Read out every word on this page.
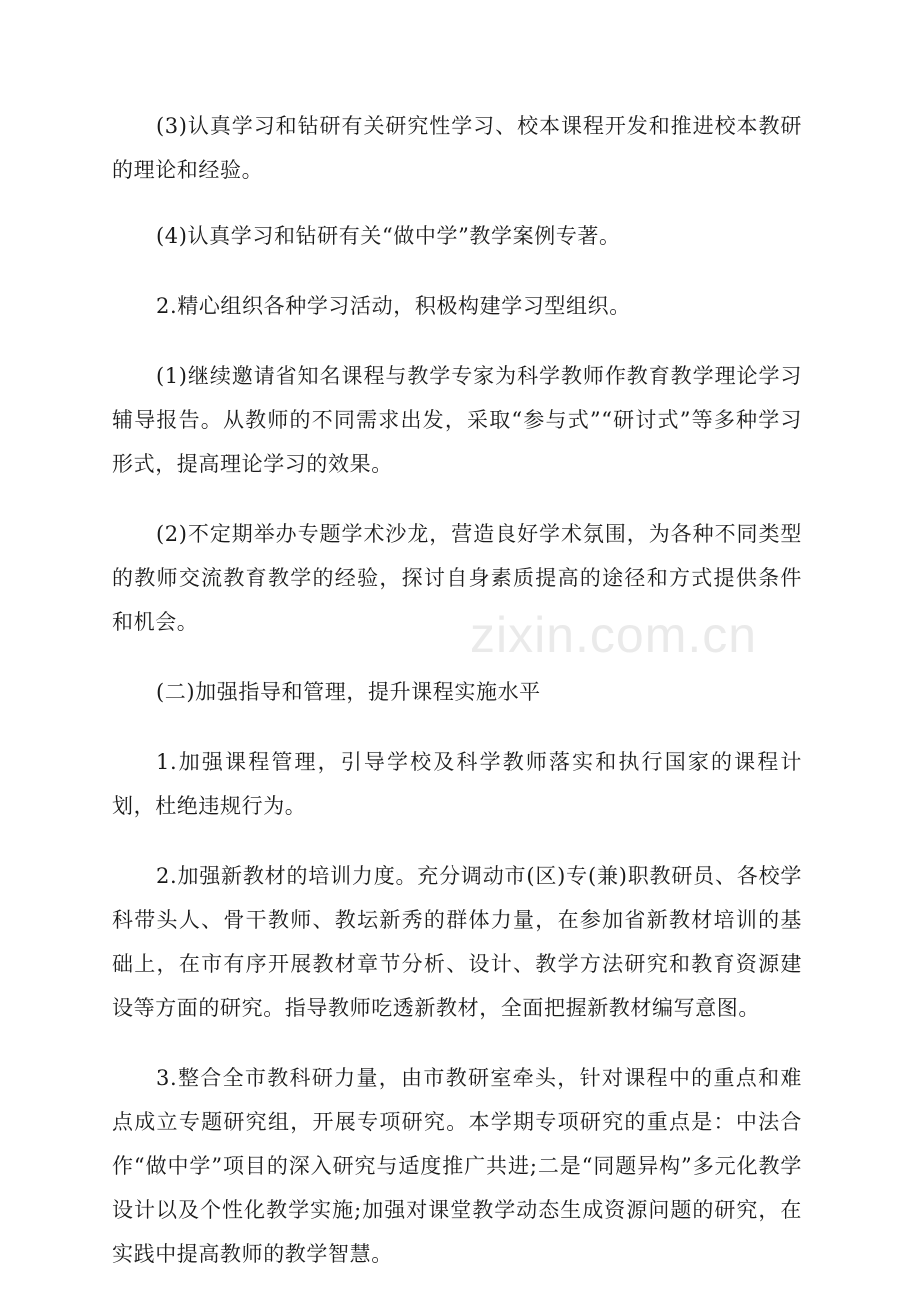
(3)认真学习和钻研有关研究性学习、校本课程开发和推进校本教研的理论和经验。

(4)认真学习和钻研有关“做中学”教学案例专著。

2.精心组织各种学习活动，积极构建学习型组织。

(1)继续邀请省知名课程与教学专家为科学教师作教育教学理论学习辅导报告。从教师的不同需求出发，采取“参与式”“研讨式”等多种学习形式，提高理论学习的效果。

(2)不定期举办专题学术沙龙，营造良好学术氛围，为各种不同类型的教师交流教育教学的经验，探讨自身素质提高的途径和方式提供条件和机会。

(二)加强指导和管理，提升课程实施水平

1.加强课程管理，引导学校及科学教师落实和执行国家的课程计划，杜绝违规行为。

2.加强新教材的培训力度。充分调动市(区)专(兼)职教研员、各校学科带头人、骨干教师、教坛新秀的群体力量，在参加省新教材培训的基础上，在市有序开展教材章节分析、设计、教学方法研究和教育资源建设等方面的研究。指导教师吃透新教材，全面把握新教材编写意图。

3.整合全市教科研力量，由市教研室牵头，针对课程中的重点和难点成立专题研究组，开展专项研究。本学期专项研究的重点是：中法合作“做中学”项目的深入研究与适度推广共进;二是“同题异构”多元化教学设计以及个性化教学实施;加强对课堂教学动态生成资源问题的研究，在实践中提高教师的教学智慧。

zixin.com.cn
